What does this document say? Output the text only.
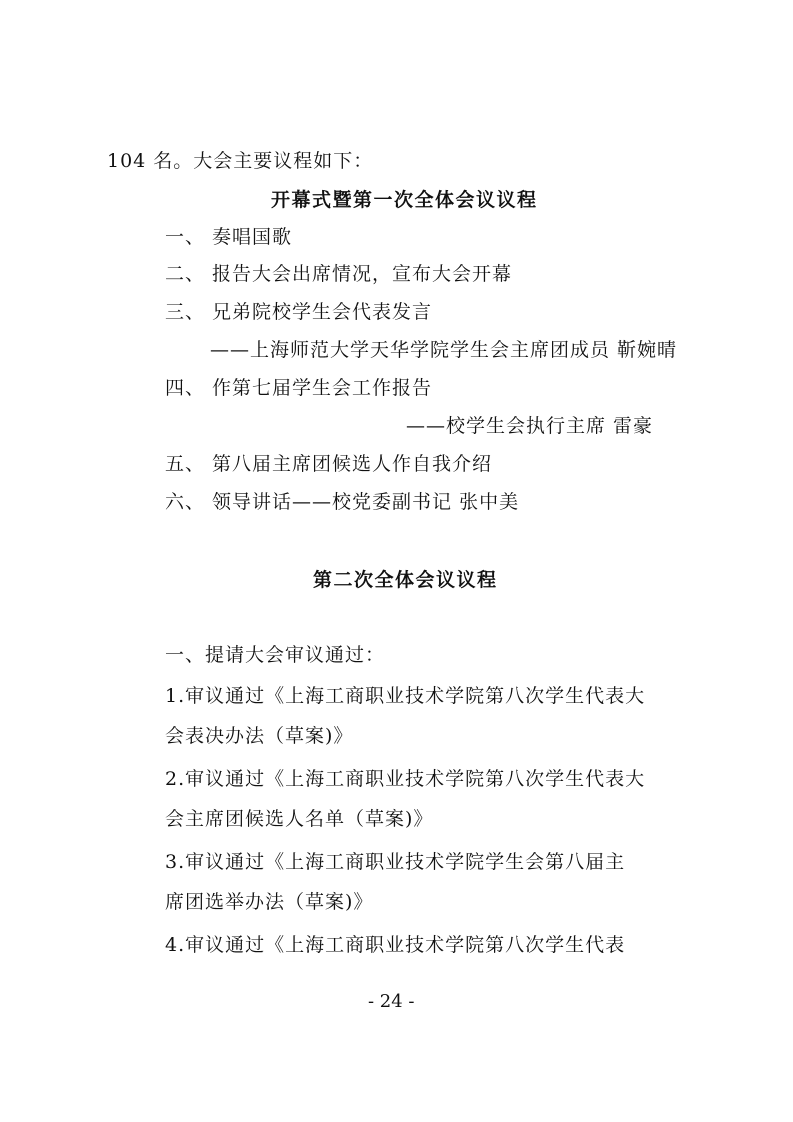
104 名。大会主要议程如下：
开幕式暨第一次全体会议议程
一、 奏唱国歌
二、 报告大会出席情况，宣布大会开幕
三、 兄弟院校学生会代表发言
——上海师范大学天华学院学生会主席团成员 靳婉晴
四、 作第七届学生会工作报告
——校学生会执行主席 雷豪
五、 第八届主席团候选人作自我介绍
六、 领导讲话——校党委副书记 张中美
第二次全体会议议程
一、提请大会审议通过：
1.审议通过《上海工商职业技术学院第八次学生代表大
会表决办法（草案)》
2.审议通过《上海工商职业技术学院第八次学生代表大
会主席团候选人名单（草案)》
3.审议通过《上海工商职业技术学院学生会第八届主
席团选举办法（草案)》
4.审议通过《上海工商职业技术学院第八次学生代表
- 24 -
